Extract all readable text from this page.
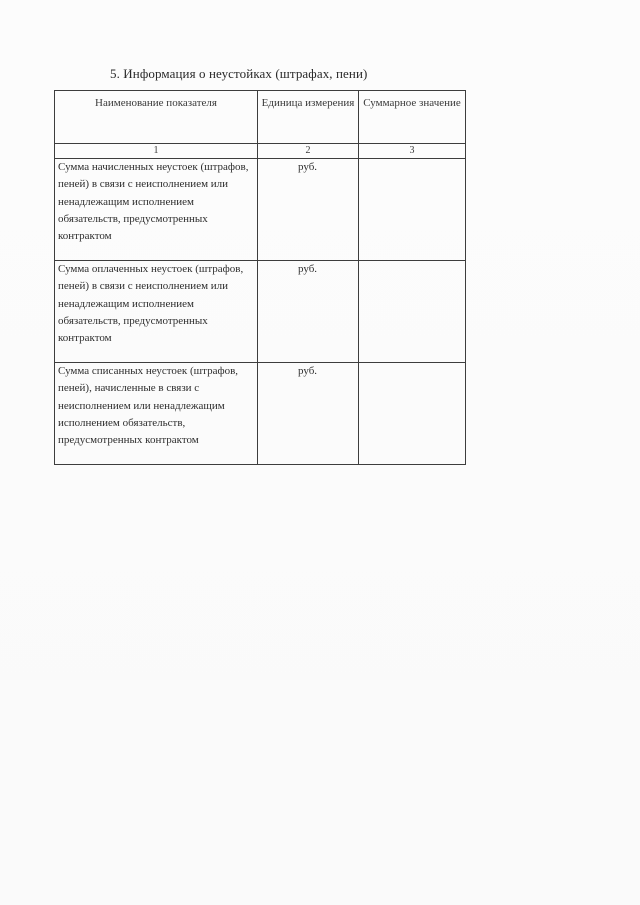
5. Информация о неустойках (штрафах, пени)
Наименование показателя	Единица измерения	Суммарное значение

1	2	3

Сумма начисленных неустоек (штрафов, пеней) в связи с неисполнением или ненадлежащим исполнением обязательств, предусмотренных контрактом	руб.	

Сумма оплаченных неустоек (штрафов, пеней) в связи с неисполнением или ненадлежащим исполнением обязательств, предусмотренных контрактом	руб.	

Сумма списанных неустоек (штрафов, пеней), начисленные в связи с неисполнением или ненадлежащим исполнением обязательств, предусмотренных контрактом	руб.	
